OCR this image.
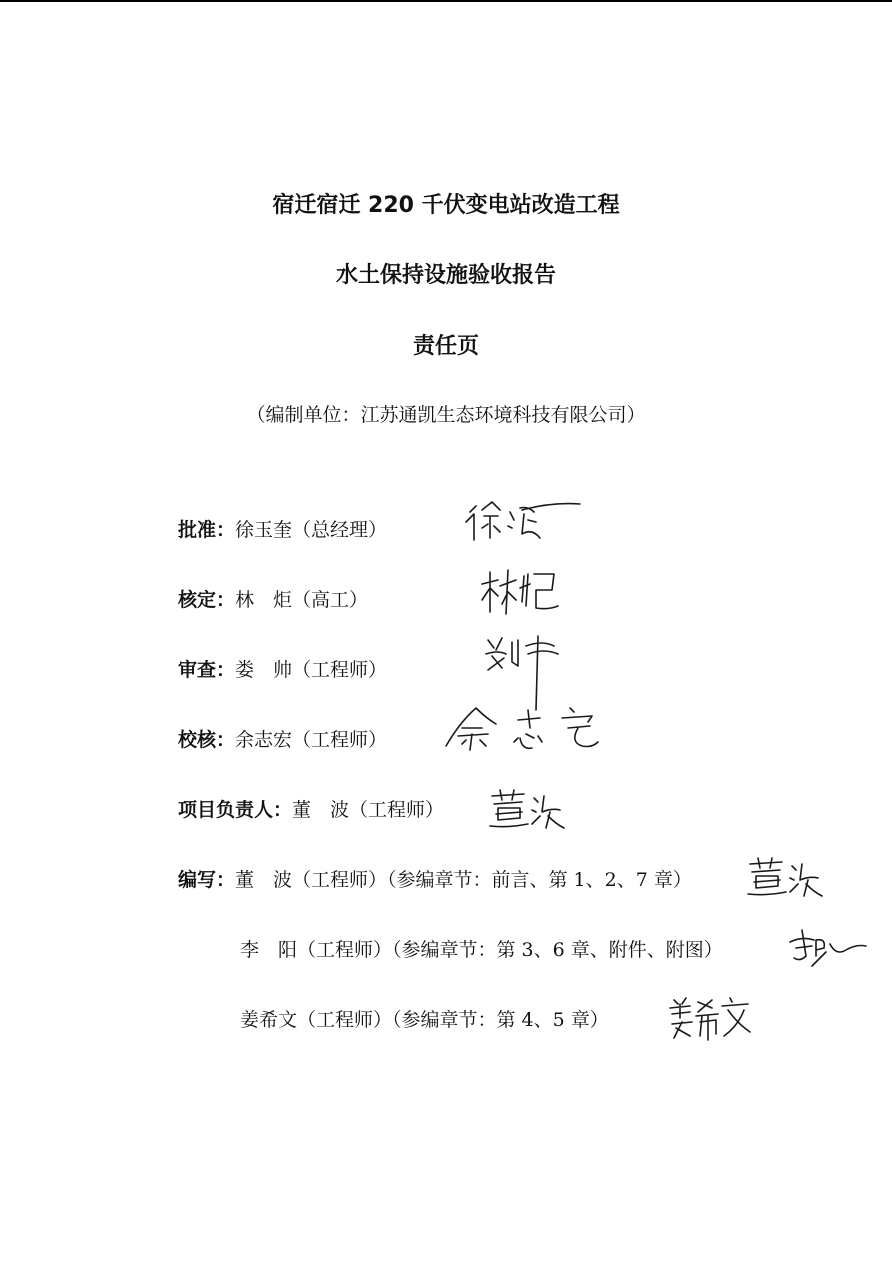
宿迁宿迁 220 千伏变电站改造工程
水土保持设施验收报告
责任页
（编制单位：江苏通凯生态环境科技有限公司）
批准：徐玉奎（总经理）
核定：林　炬（高工）
审查：娄　帅（工程师）
校核：余志宏（工程师）
项目负责人：董　波（工程师）
编写：董　波（工程师）（参编章节：前言、第 1、2、7 章）
李　阳（工程师）（参编章节：第 3、6 章、附件、附图）
姜希文（工程师）（参编章节：第 4、5 章）
